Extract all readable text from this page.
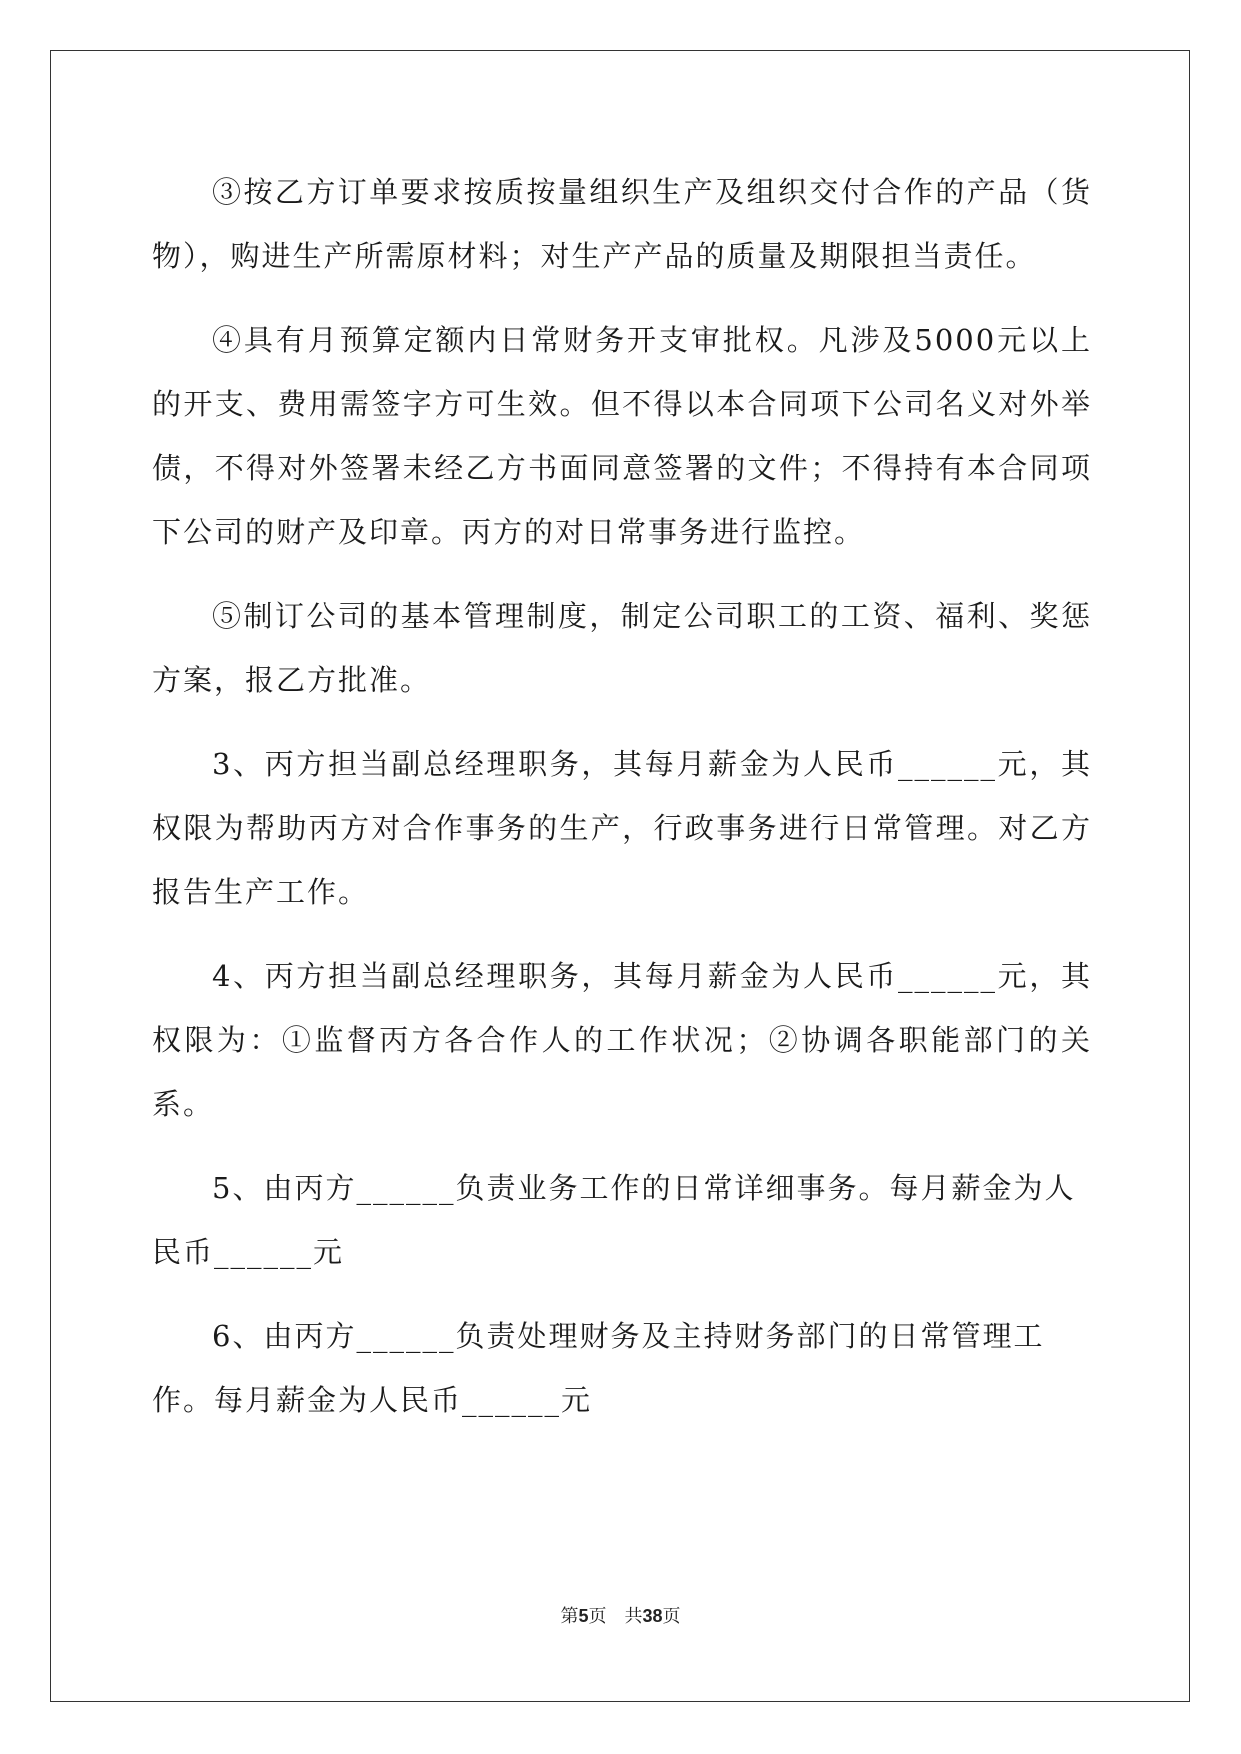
③按乙方订单要求按质按量组织生产及组织交付合作的产品（货物），购进生产所需原材料；对生产产品的质量及期限担当责任。

④具有月预算定额内日常财务开支审批权。凡涉及5000元以上的开支、费用需签字方可生效。但不得以本合同项下公司名义对外举债，不得对外签署未经乙方书面同意签署的文件；不得持有本合同项下公司的财产及印章。丙方的对日常事务进行监控。

⑤制订公司的基本管理制度，制定公司职工的工资、福利、奖惩方案，报乙方批准。

3、丙方担当副总经理职务，其每月薪金为人民币______元，其权限为帮助丙方对合作事务的生产，行政事务进行日常管理。对乙方报告生产工作。

4、丙方担当副总经理职务，其每月薪金为人民币______元，其权限为：①监督丙方各合作人的工作状况；②协调各职能部门的关系。

5、由丙方______负责业务工作的日常详细事务。每月薪金为人民币______元

6、由丙方______负责处理财务及主持财务部门的日常管理工作。每月薪金为人民币______元

第5页　共38页
